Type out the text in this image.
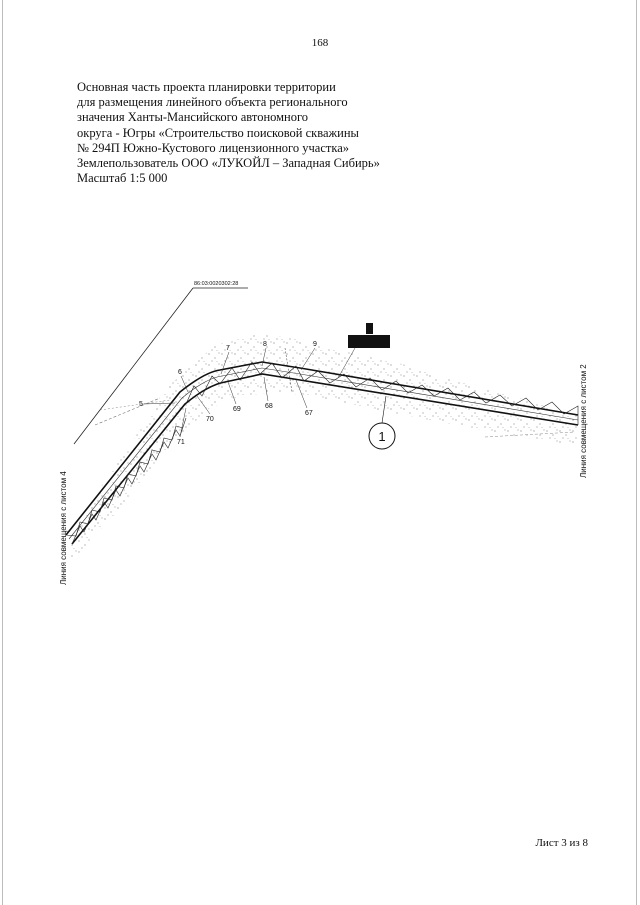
168
Основная часть проекта планировки территории
для размещения линейного объекта регионального
значения Ханты-Мансийского автономного
округа - Югры «Строительство поисковой скважины
№ 294П Южно-Кустового лицензионного участка»
Землепользователь ООО «ЛУКОЙЛ – Западная Сибирь»
Масштаб 1:5 000
86:03:0020302:28
5
6
7
8	9
67
68
69
70
71	1
Линия совмещения с листом 4
Линия совмещения с листом 2
Лист 3 из 8
